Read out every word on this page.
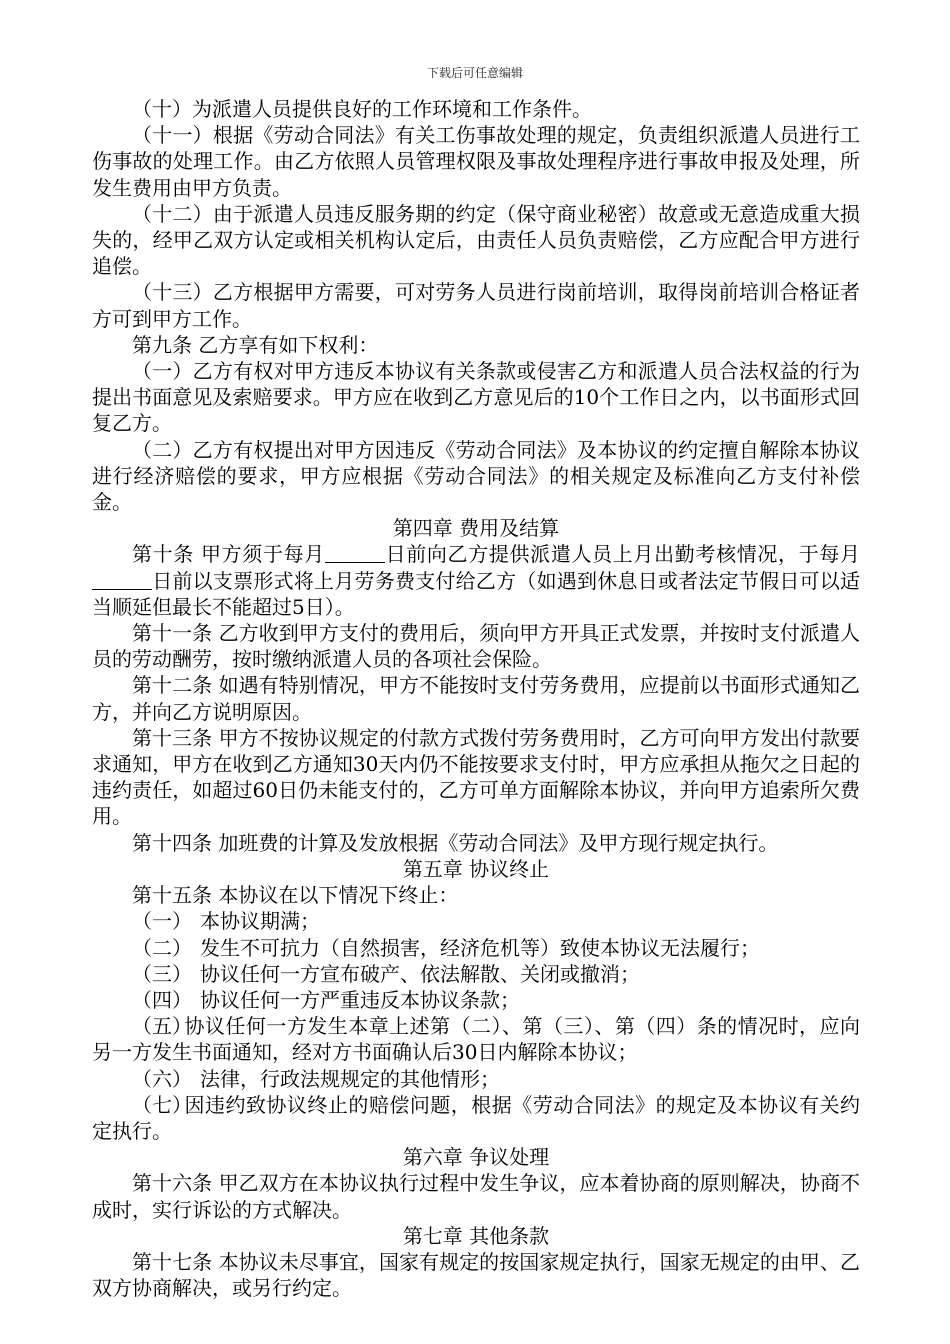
下载后可任意编辑

（十）为派遣人员提供良好的工作环境和工作条件。

（十一）根据《劳动合同法》有关工伤事故处理的规定，负责组织派遣人员进行工伤事故的处理工作。由乙方依照人员管理权限及事故处理程序进行事故申报及处理，所发生费用由甲方负责。

（十二）由于派遣人员违反服务期的约定（保守商业秘密）故意或无意造成重大损失的，经甲乙双方认定或相关机构认定后，由责任人员负责赔偿，乙方应配合甲方进行追偿。

（十三）乙方根据甲方需要，可对劳务人员进行岗前培训，取得岗前培训合格证者方可到甲方工作。

第九条 乙方享有如下权利：

（一）乙方有权对甲方违反本协议有关条款或侵害乙方和派遣人员合法权益的行为提出书面意见及索赔要求。甲方应在收到乙方意见后的10个工作日之内，以书面形式回复乙方。

（二）乙方有权提出对甲方因违反《劳动合同法》及本协议的约定擅自解除本协议进行经济赔偿的要求，甲方应根据《劳动合同法》的相关规定及标准向乙方支付补偿金。

第四章 费用及结算

第十条 甲方须于每月	日前向乙方提供派遣人员上月出勤考核情况，于每月日前以支票形式将上月劳务费支付给乙方（如遇到休息日或者法定节假日可以适当顺延但最长不能超过5日）。

第十一条 乙方收到甲方支付的费用后，须向甲方开具正式发票，并按时支付派遣人员的劳动酬劳，按时缴纳派遣人员的各项社会保险。

第十二条 如遇有特别情况，甲方不能按时支付劳务费用，应提前以书面形式通知乙方，并向乙方说明原因。

第十三条 甲方不按协议规定的付款方式拨付劳务费用时，乙方可向甲方发出付款要求通知，甲方在收到乙方通知30天内仍不能按要求支付时，甲方应承担从拖欠之日起的违约责任，如超过60日仍未能支付的，乙方可单方面解除本协议，并向甲方追索所欠费用。

第十四条 加班费的计算及发放根据《劳动合同法》及甲方现行规定执行。

第五章 协议终止

第十五条 本协议在以下情况下终止：

（一） 本协议期满；

（二） 发生不可抗力（自然损害，经济危机等）致使本协议无法履行；

（三） 协议任何一方宣布破产、依法解散、关闭或撤消；

（四） 协议任何一方严重违反本协议条款；

（五）协议任何一方发生本章上述第（二）、第（三）、第（四）条的情况时，应向另一方发生书面通知，经对方书面确认后30日内解除本协议；

（六） 法律，行政法规规定的其他情形；

（七）因违约致协议终止的赔偿问题，根据《劳动合同法》的规定及本协议有关约定执行。

第六章 争议处理

第十六条 甲乙双方在本协议执行过程中发生争议，应本着协商的原则解决，协商不成时，实行诉讼的方式解决。

第七章 其他条款

第十七条 本协议未尽事宜，国家有规定的按国家规定执行，国家无规定的由甲、乙双方协商解决，或另行约定。
